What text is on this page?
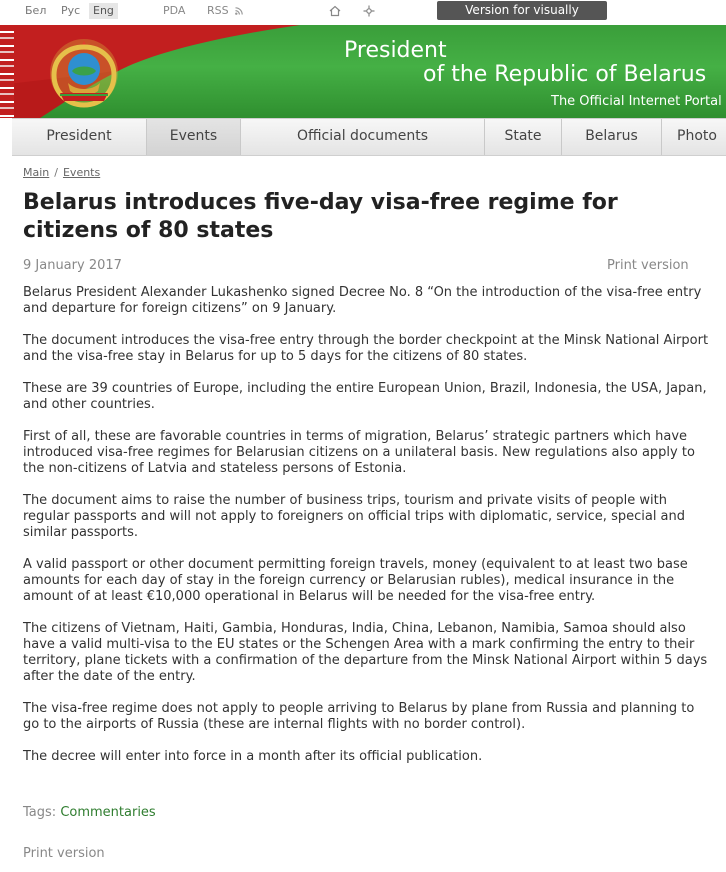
Бел	Рус	Eng	PDA RSS	Version for visually
President
of the Republic of Belarus
The Official Internet Portal
President	Events	Official documents	State	Belarus	Photo
Main / Events
Belarus introduces five-day visa-free regime for citizens of 80 states
9 January 2017	Print version

Belarus President Alexander Lukashenko signed Decree No. 8 “On the introduction of the visa-free entry and departure for foreign citizens” on 9 January.

The document introduces the visa-free entry through the border checkpoint at the Minsk National Airport and the visa-free stay in Belarus for up to 5 days for the citizens of 80 states.

These are 39 countries of Europe, including the entire European Union, Brazil, Indonesia, the USA, Japan, and other countries.

First of all, these are favorable countries in terms of migration, Belarus’ strategic partners which have introduced visa-free regimes for Belarusian citizens on a unilateral basis. New regulations also apply to the non-citizens of Latvia and stateless persons of Estonia.

The document aims to raise the number of business trips, tourism and private visits of people with regular passports and will not apply to foreigners on official trips with diplomatic, service, special and similar passports.

A valid passport or other document permitting foreign travels, money (equivalent to at least two base amounts for each day of stay in the foreign currency or Belarusian rubles), medical insurance in the amount of at least €10,000 operational in Belarus will be needed for the visa-free entry.

The citizens of Vietnam, Haiti, Gambia, Honduras, India, China, Lebanon, Namibia, Samoa should also have a valid multi-visa to the EU states or the Schengen Area with a mark confirming the entry to their territory, plane tickets with a confirmation of the departure from the Minsk National Airport within 5 days after the date of the entry.

The visa-free regime does not apply to people arriving to Belarus by plane from Russia and planning to go to the airports of Russia (these are internal flights with no border control).

The decree will enter into force in a month after its official publication.

Tags: Commentaries
Print version
